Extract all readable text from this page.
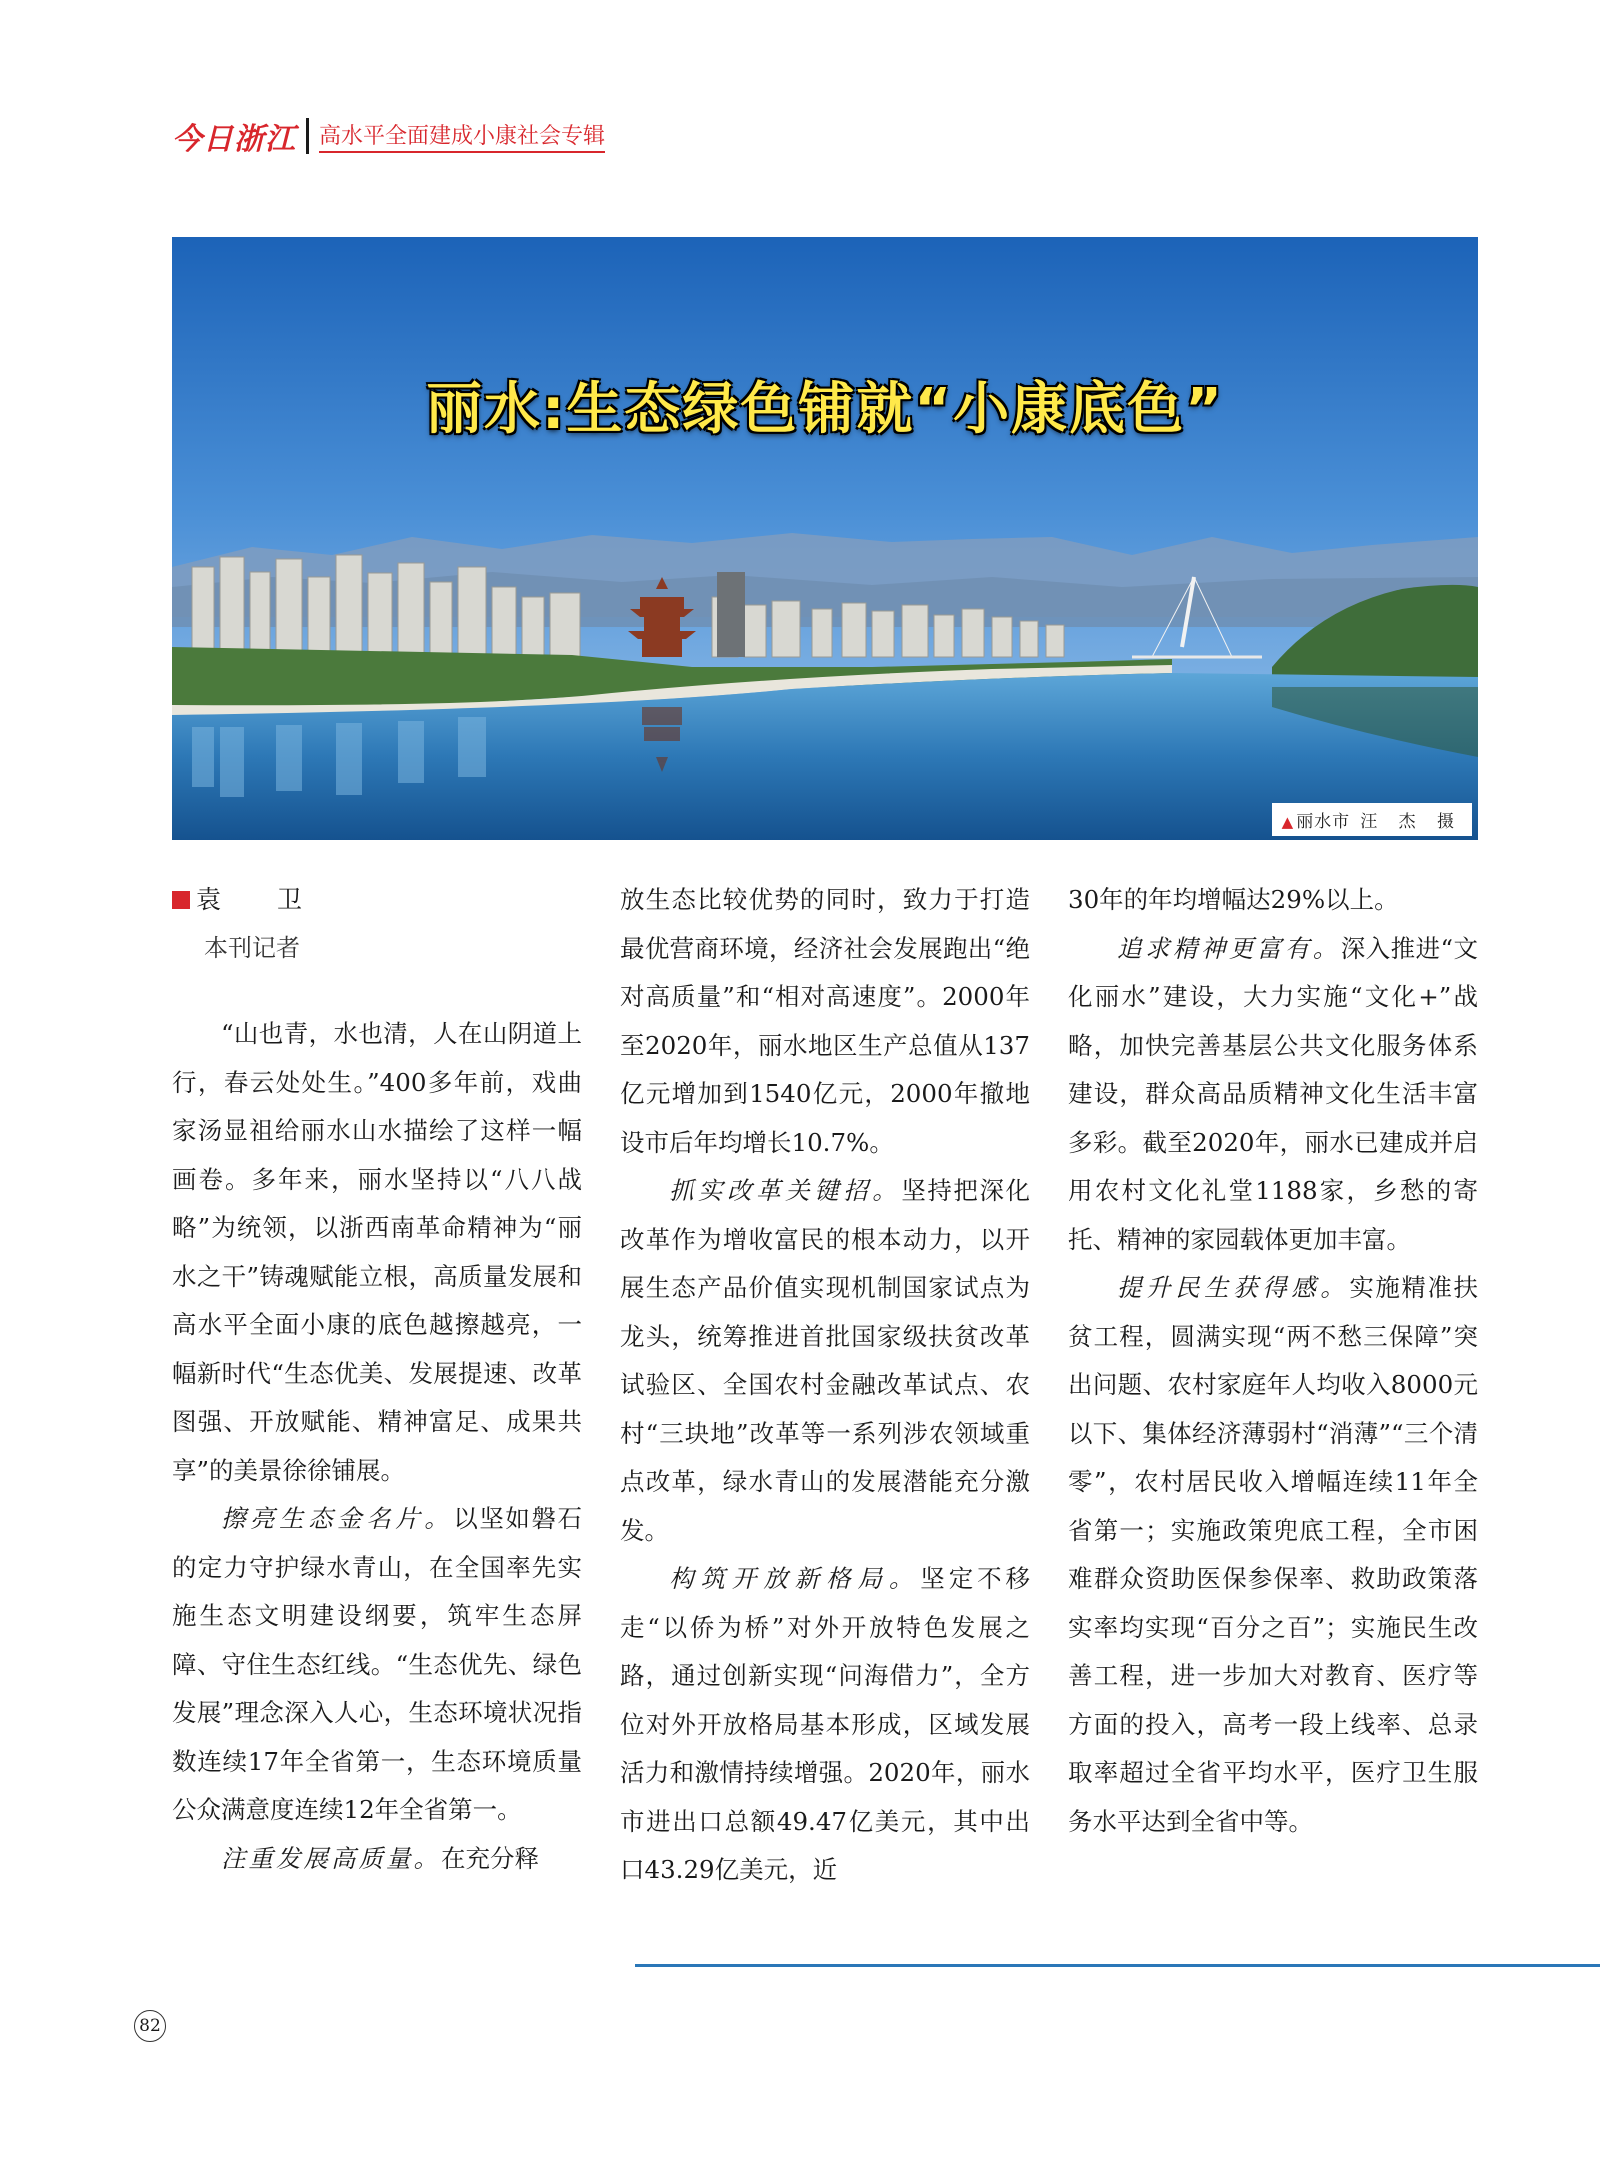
今日浙江	高水平全面建成小康社会专辑
丽水:生态绿色铺就“小康底色”
▲ 丽水市 汪 杰 摄
袁 卫
本刊记者

“山也青，水也清，人在山阴道上行，春云处处生。”400多年前，戏曲家汤显祖给丽水山水描绘了这样一幅画卷。多年来，丽水坚持以“八八战略”为统领，以浙西南革命精神为“丽水之干”铸魂赋能立根，高质量发展和高水平全面小康的底色越擦越亮，一幅新时代“生态优美、发展提速、改革图强、开放赋能、精神富足、成果共享”的美景徐徐铺展。

擦亮生态金名片。以坚如磐石的定力守护绿水青山，在全国率先实施生态文明建设纲要，筑牢生态屏障、守住生态红线。“生态优先、绿色发展”理念深入人心，生态环境状况指数连续17年全省第一，生态环境质量公众满意度连续12年全省第一。

注重发展高质量。在充分释

放生态比较优势的同时，致力于打造最优营商环境，经济社会发展跑出“绝对高质量”和“相对高速度”。2000年至2020年，丽水地区生产总值从137亿元增加到1540亿元，2000年撤地设市后年均增长10.7%。

抓实改革关键招。坚持把深化改革作为增收富民的根本动力，以开展生态产品价值实现机制国家试点为龙头，统筹推进首批国家级扶贫改革试验区、全国农村金融改革试点、农村“三块地”改革等一系列涉农领域重点改革，绿水青山的发展潜能充分激发。

构筑开放新格局。坚定不移走“以侨为桥”对外开放特色发展之路，通过创新实现“问海借力”，全方位对外开放格局基本形成，区域发展活力和激情持续增强。2020年，丽水市进出口总额49.47亿美元，其中出口43.29亿美元，近

30年的年均增幅达29%以上。

追求精神更富有。深入推进“文化丽水”建设，大力实施“文化+”战略，加快完善基层公共文化服务体系建设，群众高品质精神文化生活丰富多彩。截至2020年，丽水已建成并启用农村文化礼堂1188家，乡愁的寄托、精神的家园载体更加丰富。

提升民生获得感。实施精准扶贫工程，圆满实现“两不愁三保障”突出问题、农村家庭年人均收入8000元以下、集体经济薄弱村“消薄”“三个清零”，农村居民收入增幅连续11年全省第一；实施政策兜底工程，全市困难群众资助医保参保率、救助政策落实率均实现“百分之百”；实施民生改善工程，进一步加大对教育、医疗等方面的投入，高考一段上线率、总录取率超过全省平均水平，医疗卫生服务水平达到全省中等。

82
